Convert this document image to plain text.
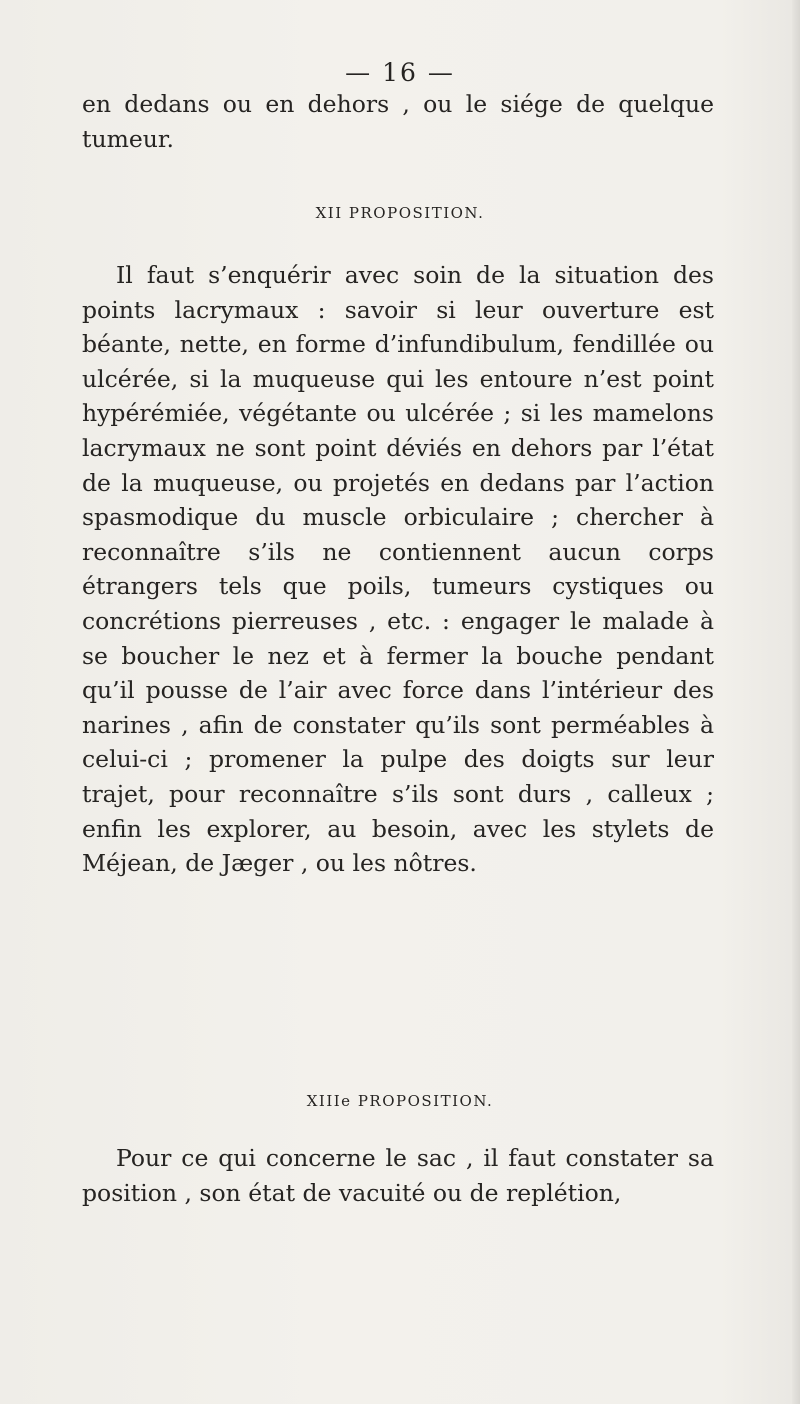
— 16 —
en dedans ou en dehors , ou le siége de quelque tumeur.
XII PROPOSITION.
Il faut s’enquérir avec soin de la situation des points lacrymaux : savoir si leur ouverture est béante, nette, en forme d’infundibulum, fendillée ou ulcérée, si la muqueuse qui les entoure n’est point hypérémiée, végétante ou ulcérée ; si les mamelons lacrymaux ne sont point déviés en dehors par l’état de la muqueuse, ou projetés en dedans par l’action spasmodique du muscle orbiculaire ; chercher à reconnaître s’ils ne contiennent aucun corps étrangers tels que poils, tumeurs cystiques ou concrétions pierreuses , etc. : engager le malade à se boucher le nez et à fermer la bouche pendant qu’il pousse de l’air avec force dans l’intérieur des narines , afin de constater qu’ils sont perméables à celui-ci ; promener la pulpe des doigts sur leur trajet, pour reconnaître s’ils sont durs , calleux ; enfin les explorer, au besoin, avec les stylets de Méjean, de Jæger , ou les nôtres.
XIIIe PROPOSITION.
Pour ce qui concerne le sac , il faut constater sa position , son état de vacuité ou de replétion,
